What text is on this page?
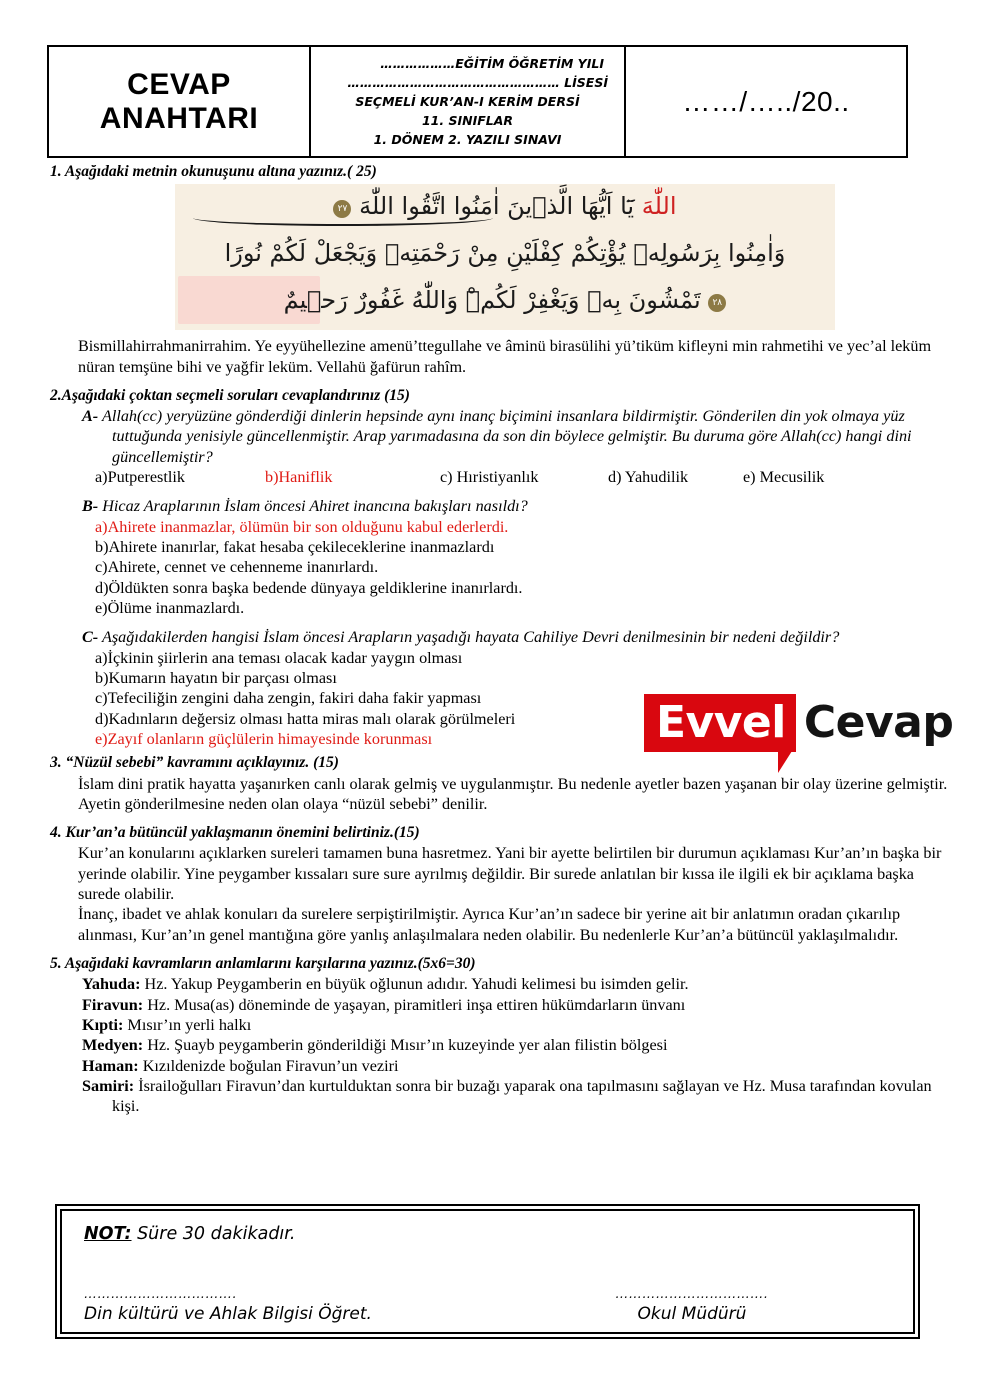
CEVAP
ANAHTARI
………………EĞİTİM ÖĞRETİM YILI
…………………………………………… LİSESİ
SEÇMELİ KUR’AN-I KERİM DERSİ
11. SINIFLAR
1. DÖNEM 2. YAZILI SINAVI
……/…../20..
1. Aşağıdaki metnin okunuşunu altına yazınız.( 25)
اللّٰهَ يَٓا اَيُّهَا الَّذ۪ينَ اٰمَنُوا اتَّقُوا اللّٰهَ ٢٧
وَاٰمِنُوا بِرَسُولِه۪ يُؤْتِكُمْ كِفْلَيْنِ مِنْ رَحْمَتِه۪ وَيَجْعَلْ لَكُمْ نُورًا
٢٨ تَمْشُونَ بِه۪ وَيَغْفِرْ لَكُمْۜ وَاللّٰهُ غَفُورٌ رَح۪يمٌ
Bismillahirrahmanirrahim. Ye eyyühellezine amenü’ttegullahe ve âminü birasülihi yü’tiküm kifleyni min rahmetihi ve yec’al leküm nüran temşüne bihi ve yağfir leküm. Vellahü ğafürun rahîm.
2.Aşağıdaki çoktan seçmeli soruları cevaplandırınız (15)
A- Allah(cc) yeryüzüne gönderdiği dinlerin hepsinde aynı inanç biçimini insanlara bildirmiştir. Gönderilen din yok olmaya yüz tuttuğunda yenisiyle güncellenmiştir. Arap yarımadasına da son din böylece gelmiştir. Bu duruma göre Allah(cc) hangi dini güncellemiştir?
a)Putperestlik	b)Haniflik	c) Hıristiyanlık	d) Yahudilik	e) Mecusilik
B- Hicaz Araplarının İslam öncesi Ahiret inancına bakışları nasıldı?
a)Ahirete inanmazlar, ölümün bir son olduğunu kabul ederlerdi.
b)Ahirete inanırlar, fakat hesaba çekileceklerine inanmazlardı
c)Ahirete, cennet ve cehenneme inanırlardı.
d)Öldükten sonra başka bedende dünyaya geldiklerine inanırlardı.
e)Ölüme inanmazlardı.
C- Aşağıdakilerden hangisi İslam öncesi Arapların yaşadığı hayata Cahiliye Devri denilmesinin bir nedeni değildir?
a)İçkinin şiirlerin ana teması olacak kadar yaygın olması
b)Kumarın hayatın bir parçası olması
c)Tefeciliğin zengini daha zengin, fakiri daha fakir yapması
d)Kadınların değersiz olması hatta miras malı olarak görülmeleri
e)Zayıf olanların güçlülerin himayesinde korunması
3. “Nüzül sebebi” kavramını açıklayınız. (15)
İslam dini pratik hayatta yaşanırken canlı olarak gelmiş ve uygulanmıştır. Bu nedenle ayetler bazen yaşanan bir olay üzerine gelmiştir. Ayetin gönderilmesine neden olan olaya “nüzül sebebi” denilir.
4. Kur’an’a bütüncül yaklaşmanın önemini belirtiniz.(15)
Kur’an konularını açıklarken sureleri tamamen buna hasretmez. Yani bir ayette belirtilen bir durumun açıklaması Kur’an’ın başka bir yerinde olabilir. Yine peygamber kıssaları sure sure ayrılmış değildir. Bir surede anlatılan bir kıssa ile ilgili ek bir açıklama başka surede olabilir.
İnanç, ibadet ve ahlak konuları da surelere serpiştirilmiştir. Ayrıca Kur’an’ın sadece bir yerine ait bir anlatımın oradan çıkarılıp alınması, Kur’an’ın genel mantığına göre yanlış anlaşılmalara neden olabilir. Bu nedenlerle Kur’an’a bütüncül yaklaşılmalıdır.
5. Aşağıdaki kavramların anlamlarını karşılarına yazınız.(5x6=30)
Yahuda: Hz. Yakup Peygamberin en büyük oğlunun adıdır. Yahudi kelimesi bu isimden gelir.
Firavun: Hz. Musa(as) döneminde de yaşayan, piramitleri inşa ettiren hükümdarların ünvanı
Kıpti: Mısır’ın yerli halkı
Medyen: Hz. Şuayb peygamberin gönderildiği Mısır’ın kuzeyinde yer alan filistin bölgesi
Haman: Kızıldenizde boğulan Firavun’un veziri
Samiri: İsrailoğulları Firavun’dan kurtulduktan sonra bir buzağı yaparak ona tapılmasını sağlayan ve Hz. Musa tarafından kovulan kişi.
Evvel Cevap
NOT: Süre 30 dakikadır.
…………………………….
Din kültürü ve Ahlak Bilgisi Öğret.
…………………………….
Okul Müdürü
